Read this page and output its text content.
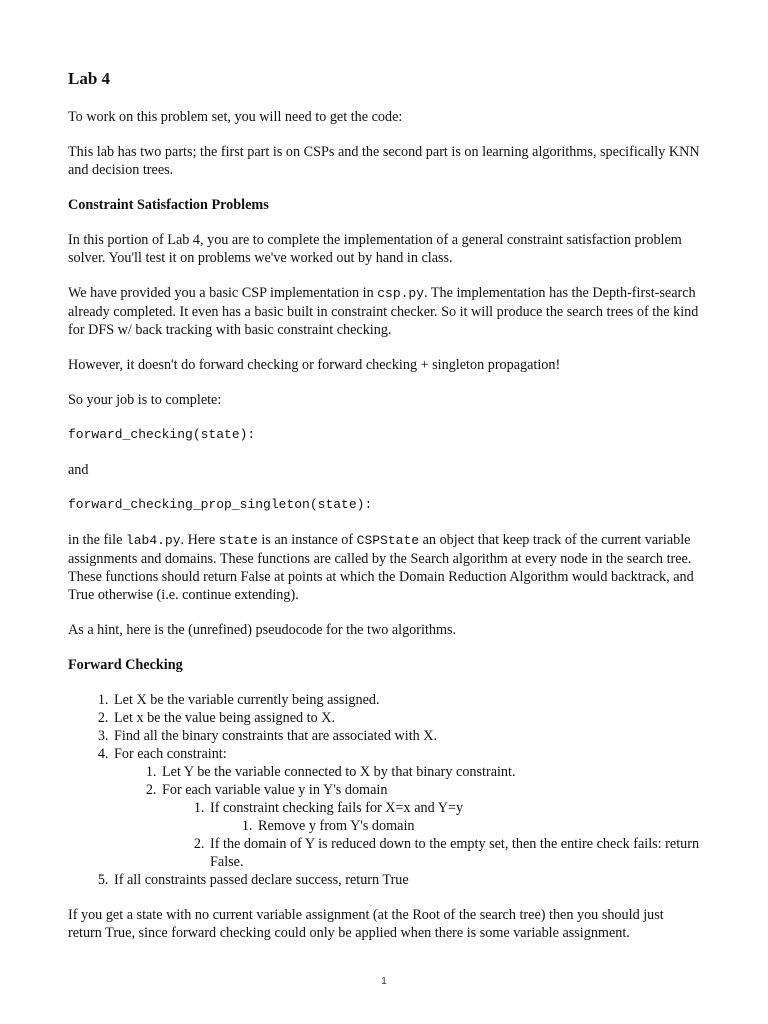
Lab 4

To work on this problem set, you will need to get the code:

This lab has two parts; the first part is on CSPs and the second part is on learning algorithms, specifically KNN and decision trees.

Constraint Satisfaction Problems

In this portion of Lab 4, you are to complete the implementation of a general constraint satisfaction problem solver. You'll test it on problems we've worked out by hand in class.

We have provided you a basic CSP implementation in csp.py. The implementation has the Depth-first-search already completed. It even has a basic built in constraint checker. So it will produce the search trees of the kind for DFS w/ back tracking with basic constraint checking.

However, it doesn't do forward checking or forward checking + singleton propagation!

So your job is to complete:

forward_checking(state):

and

forward_checking_prop_singleton(state):

in the file lab4.py. Here state is an instance of CSPState an object that keep track of the current variable assignments and domains. These functions are called by the Search algorithm at every node in the search tree. These functions should return False at points at which the Domain Reduction Algorithm would backtrack, and True otherwise (i.e. continue extending).

As a hint, here is the (unrefined) pseudocode for the two algorithms.

Forward Checking
1. Let X be the variable currently being assigned.
2. Let x be the value being assigned to X.
3. Find all the binary constraints that are associated with X.
4. For each constraint:
1. Let Y be the variable connected to X by that binary constraint.
2. For each variable value y in Y's domain
1. If constraint checking fails for X=x and Y=y
1. Remove y from Y's domain
2. If the domain of Y is reduced down to the empty set, then the entire check fails: return False.
5. If all constraints passed declare success, return True

If you get a state with no current variable assignment (at the Root of the search tree) then you should just return True, since forward checking could only be applied when there is some variable assignment.

1
